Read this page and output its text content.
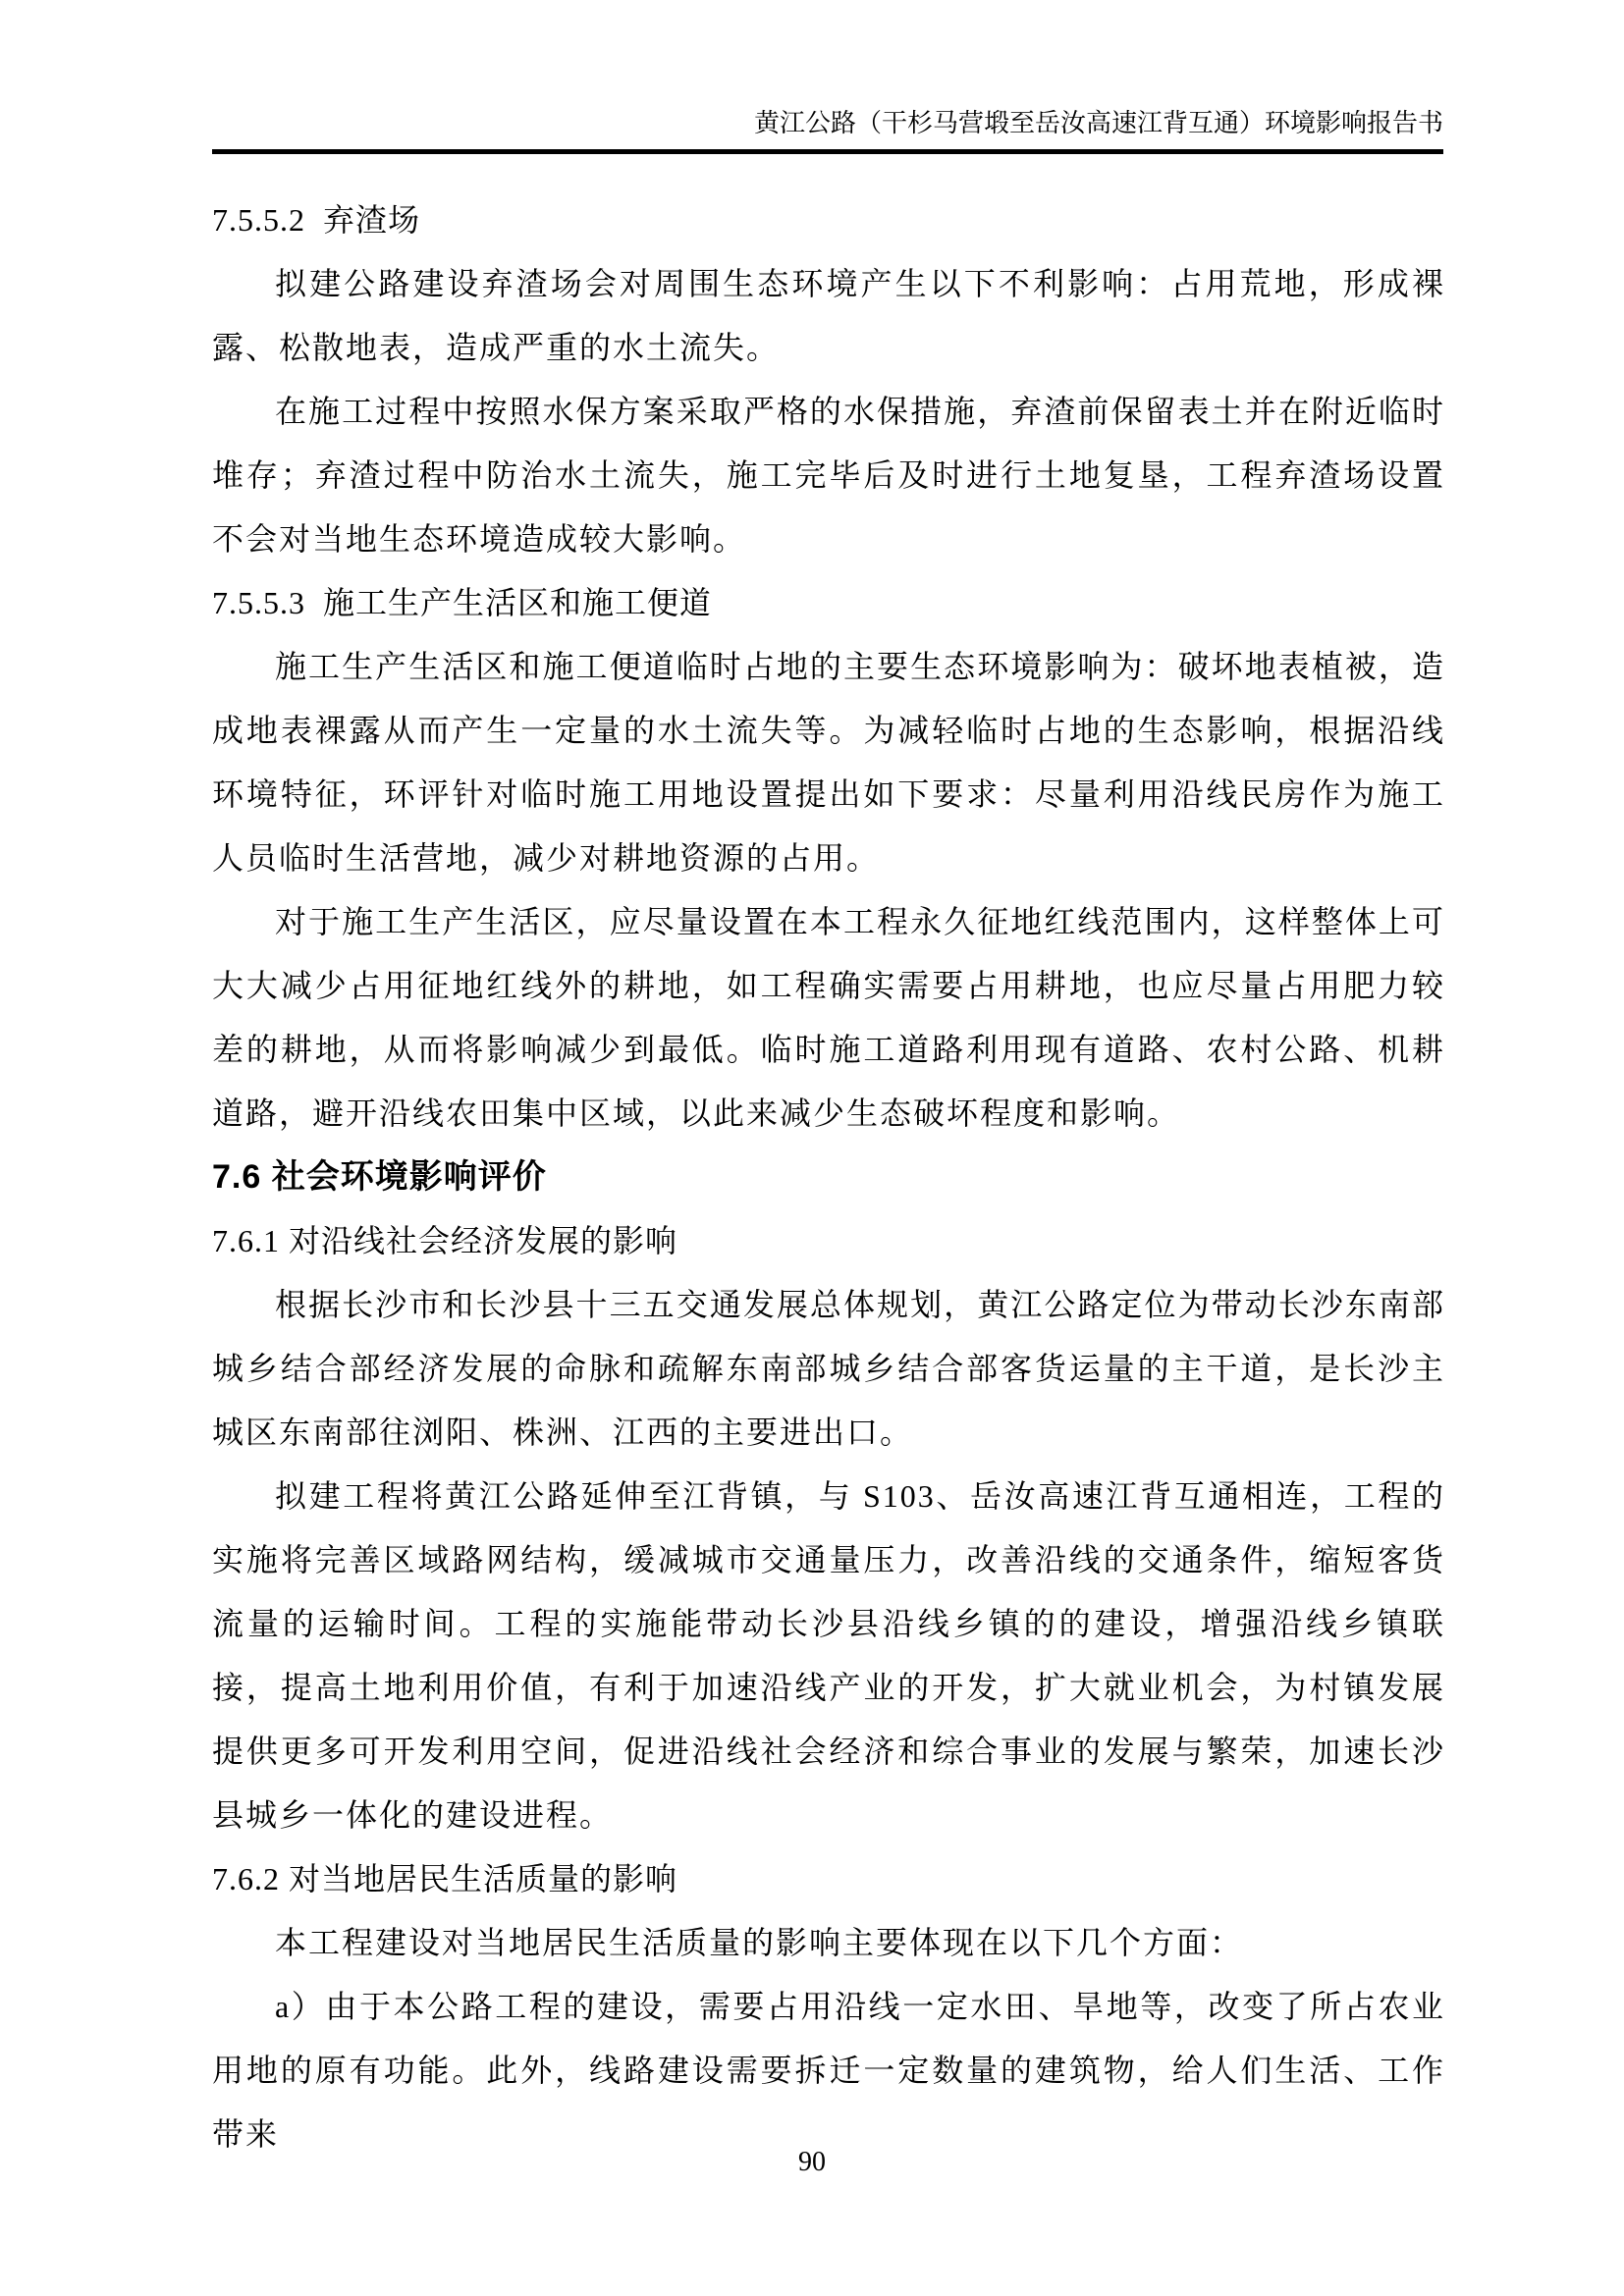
黄江公路（干杉马营塅至岳汝高速江背互通）环境影响报告书
7.5.5.2  弃渣场

拟建公路建设弃渣场会对周围生态环境产生以下不利影响：占用荒地，形成裸露、松散地表，造成严重的水土流失。

在施工过程中按照水保方案采取严格的水保措施，弃渣前保留表土并在附近临时堆存；弃渣过程中防治水土流失，施工完毕后及时进行土地复垦，工程弃渣场设置不会对当地生态环境造成较大影响。

7.5.5.3  施工生产生活区和施工便道

施工生产生活区和施工便道临时占地的主要生态环境影响为：破坏地表植被，造成地表裸露从而产生一定量的水土流失等。为减轻临时占地的生态影响，根据沿线环境特征，环评针对临时施工用地设置提出如下要求：尽量利用沿线民房作为施工人员临时生活营地，减少对耕地资源的占用。

对于施工生产生活区，应尽量设置在本工程永久征地红线范围内，这样整体上可大大减少占用征地红线外的耕地，如工程确实需要占用耕地，也应尽量占用肥力较差的耕地，从而将影响减少到最低。临时施工道路利用现有道路、农村公路、机耕道路，避开沿线农田集中区域，以此来减少生态破坏程度和影响。

7.6 社会环境影响评价
7.6.1 对沿线社会经济发展的影响

根据长沙市和长沙县十三五交通发展总体规划，黄江公路定位为带动长沙东南部城乡结合部经济发展的命脉和疏解东南部城乡结合部客货运量的主干道，是长沙主城区东南部往浏阳、株洲、江西的主要进出口。

拟建工程将黄江公路延伸至江背镇，与 S103、岳汝高速江背互通相连，工程的实施将完善区域路网结构，缓减城市交通量压力，改善沿线的交通条件，缩短客货流量的运输时间。工程的实施能带动长沙县沿线乡镇的的建设，增强沿线乡镇联接，提高土地利用价值，有利于加速沿线产业的开发，扩大就业机会，为村镇发展提供更多可开发利用空间，促进沿线社会经济和综合事业的发展与繁荣，加速长沙县城乡一体化的建设进程。

7.6.2 对当地居民生活质量的影响

本工程建设对当地居民生活质量的影响主要体现在以下几个方面：

a）由于本公路工程的建设，需要占用沿线一定水田、旱地等，改变了所占农业用地的原有功能。此外，线路建设需要拆迁一定数量的建筑物，给人们生活、工作带来

90
